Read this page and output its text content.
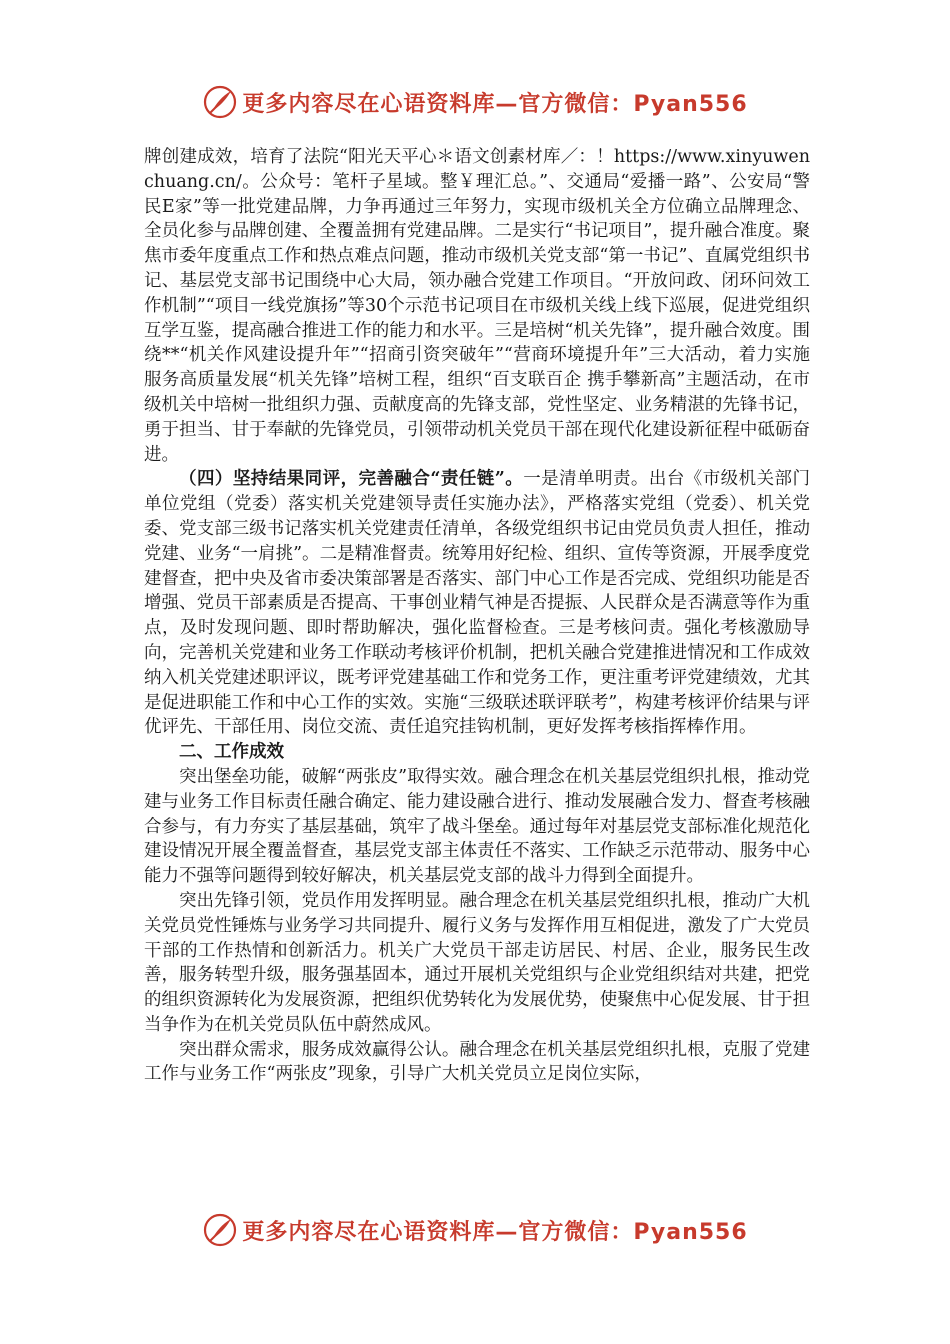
更多内容尽在心语资料库—官方微信：Pyan556

牌创建成效，培育了法院“阳光天平心＊语文创素材库／：！https://www.xinyuwenchuang.cn/。公众号：笔杆子星域。整￥理汇总。”、交通局“爱播一路”、公安局“警民E家”等一批党建品牌，力争再通过三年努力，实现市级机关全方位确立品牌理念、全员化参与品牌创建、全覆盖拥有党建品牌。二是实行“书记项目”，提升融合准度。聚焦市委年度重点工作和热点难点问题，推动市级机关党支部“第一书记”、直属党组织书记、基层党支部书记围绕中心大局，领办融合党建工作项目。“开放问政、闭环问效工作机制”“项目一线党旗扬”等30个示范书记项目在市级机关线上线下巡展，促进党组织互学互鉴，提高融合推进工作的能力和水平。三是培树“机关先锋”，提升融合效度。围绕**“机关作风建设提升年”“招商引资突破年”“营商环境提升年”三大活动，着力实施服务高质量发展“机关先锋”培树工程，组织“百支联百企 携手攀新高”主题活动，在市级机关中培树一批组织力强、贡献度高的先锋支部，党性坚定、业务精湛的先锋书记，勇于担当、甘于奉献的先锋党员，引领带动机关党员干部在现代化建设新征程中砥砺奋进。

（四）坚持结果同评，完善融合“责任链”。一是清单明责。出台《市级机关部门单位党组（党委）落实机关党建领导责任实施办法》，严格落实党组（党委）、机关党委、党支部三级书记落实机关党建责任清单，各级党组织书记由党员负责人担任，推动党建、业务“一肩挑”。二是精准督责。统筹用好纪检、组织、宣传等资源，开展季度党建督查，把中央及省市委决策部署是否落实、部门中心工作是否完成、党组织功能是否增强、党员干部素质是否提高、干事创业精气神是否提振、人民群众是否满意等作为重点，及时发现问题、即时帮助解决，强化监督检查。三是考核问责。强化考核激励导向，完善机关党建和业务工作联动考核评价机制，把机关融合党建推进情况和工作成效纳入机关党建述职评议，既考评党建基础工作和党务工作，更注重考评党建绩效，尤其是促进职能工作和中心工作的实效。实施“三级联述联评联考”，构建考核评价结果与评优评先、干部任用、岗位交流、责任追究挂钩机制，更好发挥考核指挥棒作用。

二、工作成效

突出堡垒功能，破解“两张皮”取得实效。融合理念在机关基层党组织扎根，推动党建与业务工作目标责任融合确定、能力建设融合进行、推动发展融合发力、督查考核融合参与，有力夯实了基层基础，筑牢了战斗堡垒。通过每年对基层党支部标准化规范化建设情况开展全覆盖督查，基层党支部主体责任不落实、工作缺乏示范带动、服务中心能力不强等问题得到较好解决，机关基层党支部的战斗力得到全面提升。

突出先锋引领，党员作用发挥明显。融合理念在机关基层党组织扎根，推动广大机关党员党性锤炼与业务学习共同提升、履行义务与发挥作用互相促进，激发了广大党员干部的工作热情和创新活力。机关广大党员干部走访居民、村居、企业，服务民生改善，服务转型升级，服务强基固本，通过开展机关党组织与企业党组织结对共建，把党的组织资源转化为发展资源，把组织优势转化为发展优势，使聚焦中心促发展、甘于担当争作为在机关党员队伍中蔚然成风。

突出群众需求，服务成效赢得公认。融合理念在机关基层党组织扎根，克服了党建工作与业务工作“两张皮”现象，引导广大机关党员立足岗位实际，

更多内容尽在心语资料库—官方微信：Pyan556
